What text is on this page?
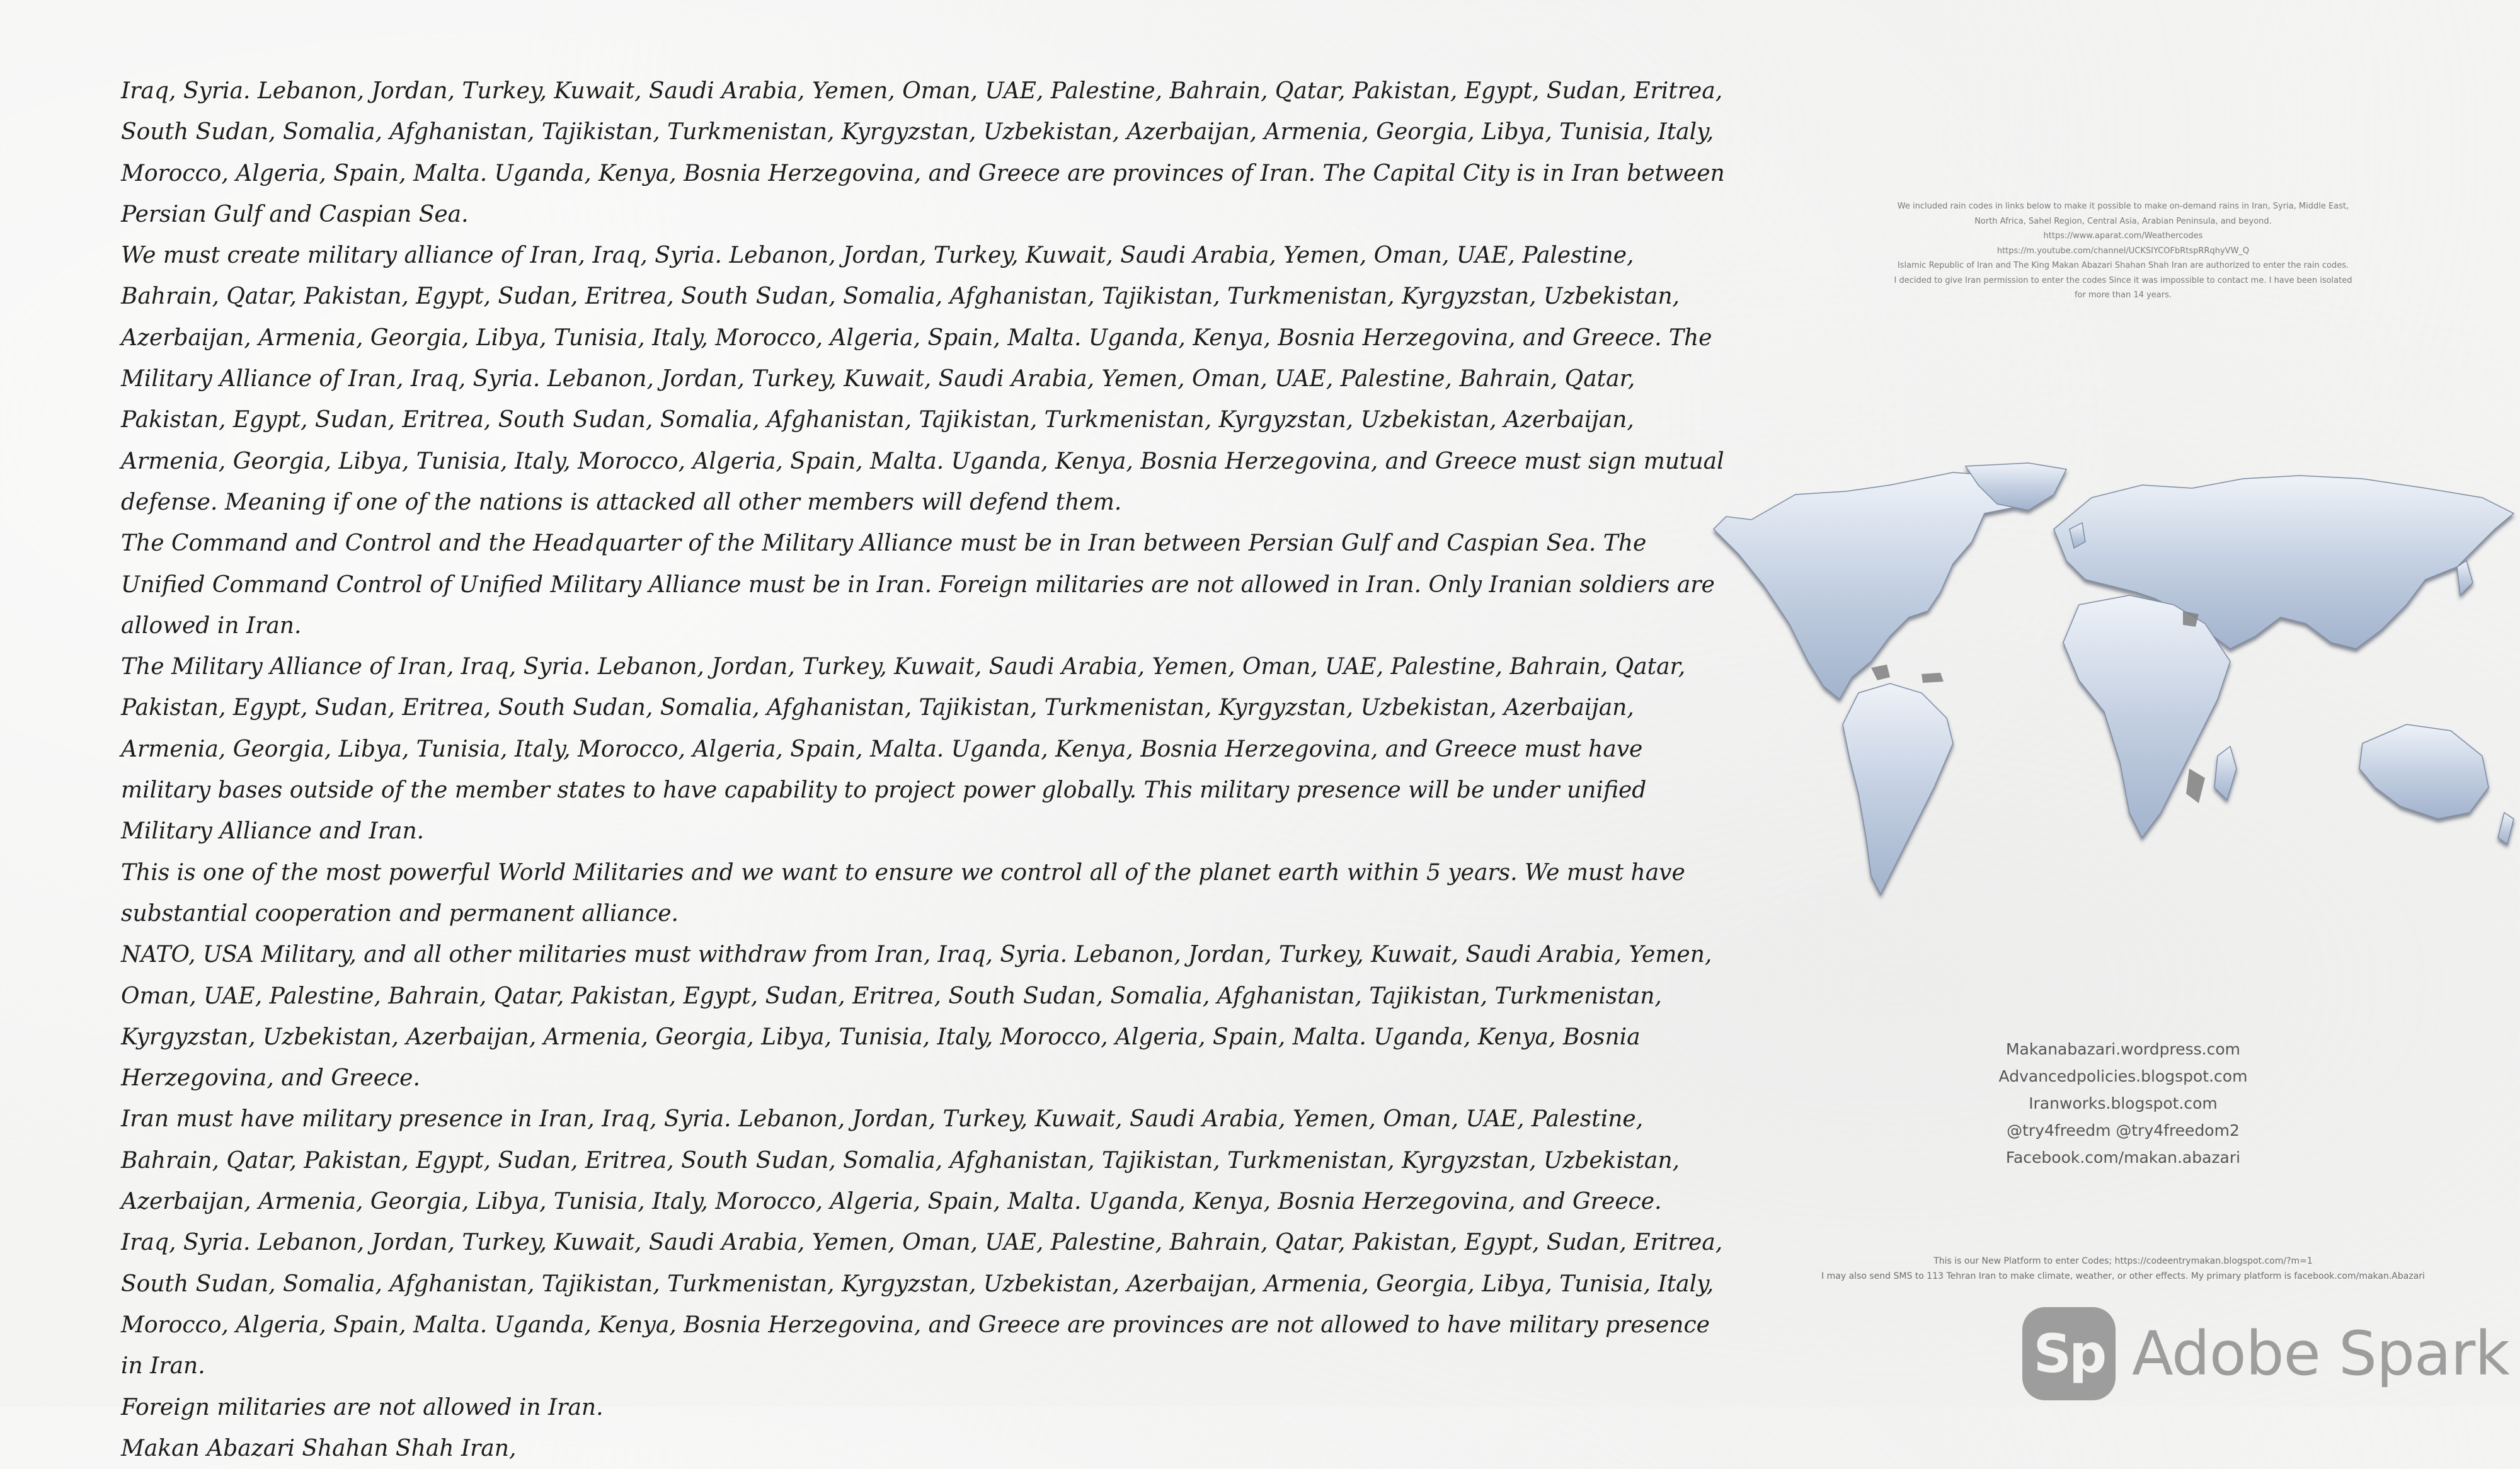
Iraq, Syria. Lebanon, Jordan, Turkey, Kuwait, Saudi Arabia, Yemen, Oman, UAE, Palestine, Bahrain, Qatar, Pakistan, Egypt, Sudan, Eritrea, South Sudan, Somalia, Afghanistan, Tajikistan, Turkmenistan, Kyrgyzstan, Uzbekistan, Azerbaijan, Armenia, Georgia, Libya, Tunisia, Italy, Morocco, Algeria, Spain, Malta. Uganda, Kenya, Bosnia Herzegovina, and Greece are provinces of Iran. The Capital City is in Iran between Persian Gulf and Caspian Sea.

We must create military alliance of Iran, Iraq, Syria. Lebanon, Jordan, Turkey, Kuwait, Saudi Arabia, Yemen, Oman, UAE, Palestine, Bahrain, Qatar, Pakistan, Egypt, Sudan, Eritrea, South Sudan, Somalia, Afghanistan, Tajikistan, Turkmenistan, Kyrgyzstan, Uzbekistan, Azerbaijan, Armenia, Georgia, Libya, Tunisia, Italy, Morocco, Algeria, Spain, Malta. Uganda, Kenya, Bosnia Herzegovina, and Greece. The Military Alliance of Iran, Iraq, Syria. Lebanon, Jordan, Turkey, Kuwait, Saudi Arabia, Yemen, Oman, UAE, Palestine, Bahrain, Qatar, Pakistan, Egypt, Sudan, Eritrea, South Sudan, Somalia, Afghanistan, Tajikistan, Turkmenistan, Kyrgyzstan, Uzbekistan, Azerbaijan, Armenia, Georgia, Libya, Tunisia, Italy, Morocco, Algeria, Spain, Malta. Uganda, Kenya, Bosnia Herzegovina, and Greece must sign mutual defense. Meaning if one of the nations is attacked all other members will defend them.

The Command and Control and the Headquarter of the Military Alliance must be in Iran between Persian Gulf and Caspian Sea. The Unified Command Control of Unified Military Alliance must be in Iran. Foreign militaries are not allowed in Iran. Only Iranian soldiers are allowed in Iran.

The Military Alliance of Iran, Iraq, Syria. Lebanon, Jordan, Turkey, Kuwait, Saudi Arabia, Yemen, Oman, UAE, Palestine, Bahrain, Qatar, Pakistan, Egypt, Sudan, Eritrea, South Sudan, Somalia, Afghanistan, Tajikistan, Turkmenistan, Kyrgyzstan, Uzbekistan, Azerbaijan, Armenia, Georgia, Libya, Tunisia, Italy, Morocco, Algeria, Spain, Malta. Uganda, Kenya, Bosnia Herzegovina, and Greece must have military bases outside of the member states to have capability to project power globally. This military presence will be under unified Military Alliance and Iran.

This is one of the most powerful World Militaries and we want to ensure we control all of the planet earth within 5 years. We must have substantial cooperation and permanent alliance.

NATO, USA Military, and all other militaries must withdraw from Iran, Iraq, Syria. Lebanon, Jordan, Turkey, Kuwait, Saudi Arabia, Yemen, Oman, UAE, Palestine, Bahrain, Qatar, Pakistan, Egypt, Sudan, Eritrea, South Sudan, Somalia, Afghanistan, Tajikistan, Turkmenistan, Kyrgyzstan, Uzbekistan, Azerbaijan, Armenia, Georgia, Libya, Tunisia, Italy, Morocco, Algeria, Spain, Malta. Uganda, Kenya, Bosnia Herzegovina, and Greece.

Iran must have military presence in Iran, Iraq, Syria. Lebanon, Jordan, Turkey, Kuwait, Saudi Arabia, Yemen, Oman, UAE, Palestine, Bahrain, Qatar, Pakistan, Egypt, Sudan, Eritrea, South Sudan, Somalia, Afghanistan, Tajikistan, Turkmenistan, Kyrgyzstan, Uzbekistan, Azerbaijan, Armenia, Georgia, Libya, Tunisia, Italy, Morocco, Algeria, Spain, Malta. Uganda, Kenya, Bosnia Herzegovina, and Greece.

Iraq, Syria. Lebanon, Jordan, Turkey, Kuwait, Saudi Arabia, Yemen, Oman, UAE, Palestine, Bahrain, Qatar, Pakistan, Egypt, Sudan, Eritrea, South Sudan, Somalia, Afghanistan, Tajikistan, Turkmenistan, Kyrgyzstan, Uzbekistan, Azerbaijan, Armenia, Georgia, Libya, Tunisia, Italy, Morocco, Algeria, Spain, Malta. Uganda, Kenya, Bosnia Herzegovina, and Greece are provinces are not allowed to have military presence in Iran.

Foreign militaries are not allowed in Iran.

Makan Abazari Shahan Shah Iran,

We included rain codes in links below to make it possible to make on-demand rains in Iran, Syria, Middle East,
North Africa, Sahel Region, Central Asia, Arabian Peninsula, and beyond.
https://www.aparat.com/Weathercodes
https://m.youtube.com/channel/UCKSIYCOFbRtspRRqhyVW_Q
Islamic Republic of Iran and The King Makan Abazari Shahan Shah Iran are authorized to enter the rain codes.
I decided to give Iran permission to enter the codes Since it was impossible to contact me. I have been isolated
for more than 14 years.
Makanabazari.wordpress.com
Advancedpolicies.blogspot.com
Iranworks.blogspot.com
@try4freedm @try4freedom2
Facebook.com/makan.abazari
This is our New Platform to enter Codes; https://codeentrymakan.blogspot.com/?m=1
I may also send SMS to 113 Tehran Iran to make climate, weather, or other effects. My primary platform is facebook.com/makan.Abazari
Sp Adobe Spark
